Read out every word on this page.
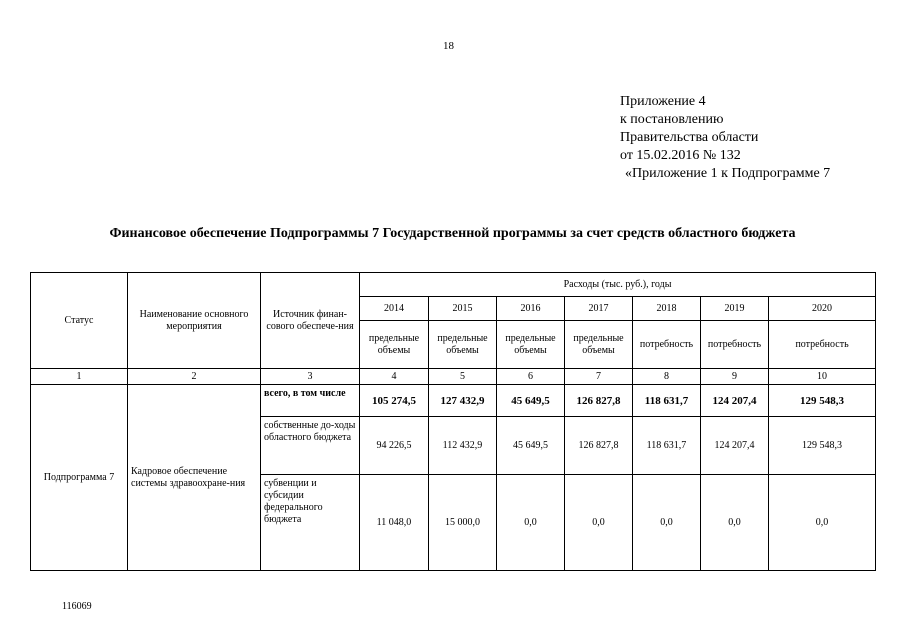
18
Приложение 4
к постановлению
Правительства области
от 15.02.2016 № 132
«Приложение 1 к Подпрограмме 7
Финансовое обеспечение Подпрограммы 7 Государственной программы за счет средств областного бюджета
Статус	Наименование основного мероприятия	Источник финан-сового обеспече-ния	Расходы (тыс. руб.), годы						
			2014	2015	2016	2017	2018	2019	2020
			предельные объемы	предельные объемы	предельные объемы	предельные объемы	потребность	потребность	потребность
1	2	3	4	5	6	7	8	9	10
Подпрограмма 7	Кадровое обеспечение системы здравоохране-ния	всего, в том числе	105 274,5	127 432,9	45 649,5	126 827,8	118 631,7	124 207,4	129 548,3
		собственные до-ходы областного бюджета	94 226,5	112 432,9	45 649,5	126 827,8	118 631,7	124 207,4	129 548,3
		субвенции и субсидии федерального бюджета	11 048,0	15 000,0	0,0	0,0	0,0	0,0	0,0
116069
